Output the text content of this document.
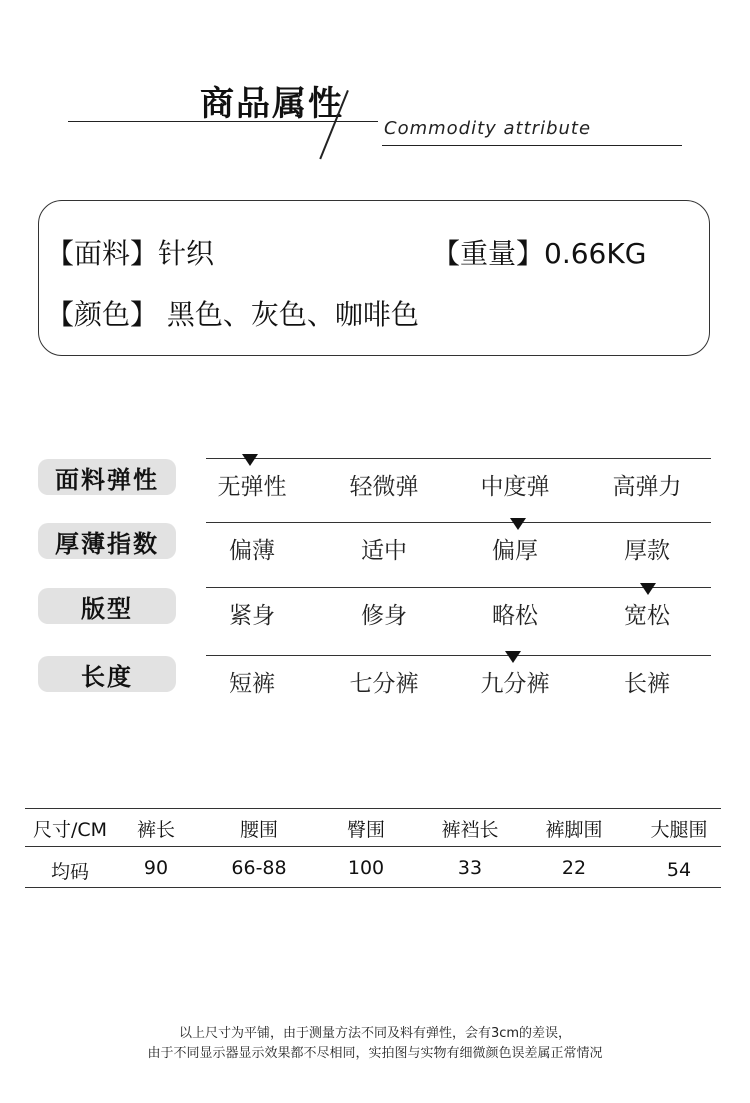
商品属性
Commodity attribute
【面料】针织	【重量】0.66KG
【颜色】 黑色、灰色、咖啡色
面料弹性	无弹性	轻微弹	中度弹	高弹力
厚薄指数	偏薄	适中	偏厚	厚款
版型	紧身	修身	略松	宽松
长度	短裤	七分裤	九分裤	长裤
尺寸/CM	裤长	腰围	臀围	裤裆长	裤脚围	大腿围
均码	90	66-88	100	33	22	54
以上尺寸为平铺，由于测量方法不同及料有弹性，会有3cm的差误，
由于不同显示器显示效果都不尽相同，实拍图与实物有细微颜色误差属正常情况
